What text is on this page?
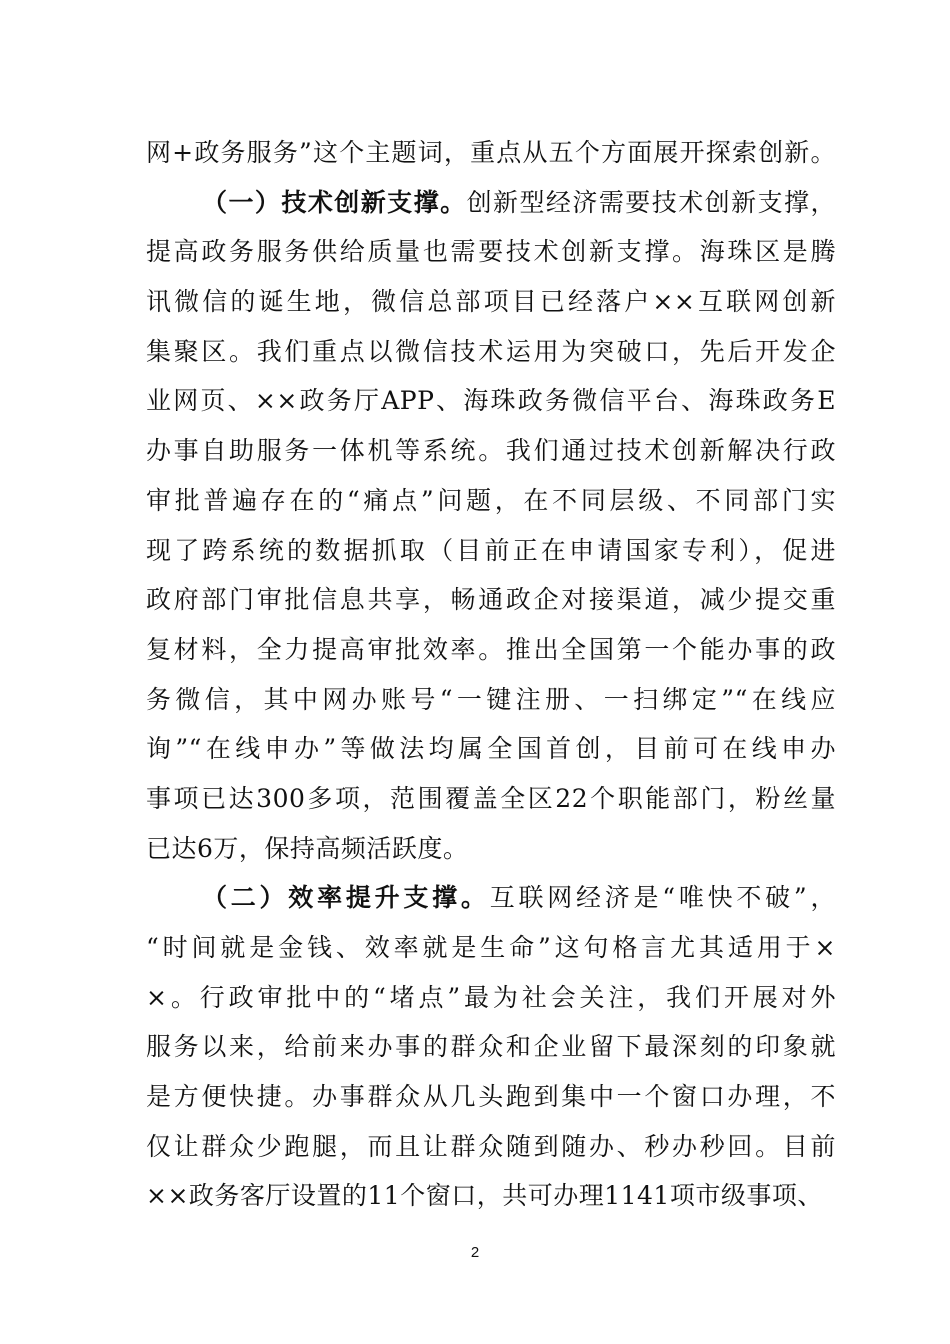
网+政务服务”这个主题词，重点从五个方面展开探索创新。
（一）技术创新支撑。创新型经济需要技术创新支撑，
提高政务服务供给质量也需要技术创新支撑。海珠区是腾
讯微信的诞生地，微信总部项目已经落户××互联网创新
集聚区。我们重点以微信技术运用为突破口，先后开发企
业网页、××政务厅APP、海珠政务微信平台、海珠政务E
办事自助服务一体机等系统。我们通过技术创新解决行政
审批普遍存在的“痛点”问题，在不同层级、不同部门实
现了跨系统的数据抓取（目前正在申请国家专利），促进
政府部门审批信息共享，畅通政企对接渠道，减少提交重
复材料，全力提高审批效率。推出全国第一个能办事的政
务微信，其中网办账号“一键注册、一扫绑定”“在线应
询”“在线申办”等做法均属全国首创，目前可在线申办
事项已达300多项，范围覆盖全区22个职能部门，粉丝量
已达6万，保持高频活跃度。
（二）效率提升支撑。互联网经济是“唯快不破”，
“时间就是金钱、效率就是生命”这句格言尤其适用于×
×。行政审批中的“堵点”最为社会关注，我们开展对外
服务以来，给前来办事的群众和企业留下最深刻的印象就
是方便快捷。办事群众从几头跑到集中一个窗口办理，不
仅让群众少跑腿，而且让群众随到随办、秒办秒回。目前
××政务客厅设置的11个窗口，共可办理1141项市级事项、
2
